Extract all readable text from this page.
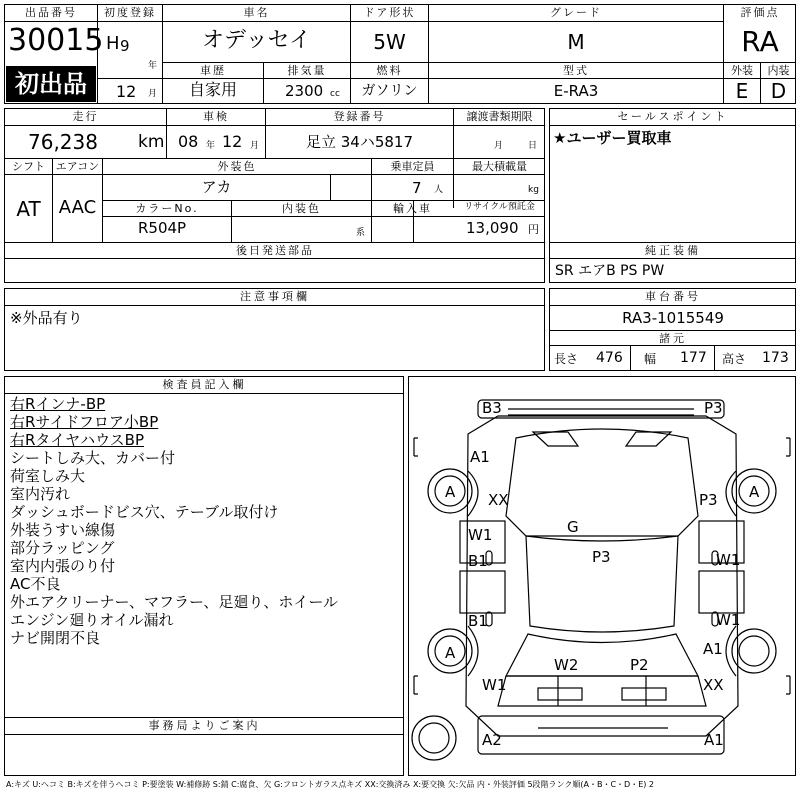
出品番号
30015
初出品
初度登録
H 9
年
12 月
車名
オデッセイ
ドア形状
5W
グレード
M
評価点
RA
外装	内装
E	D
車歴
自家用
排気量
2300 cc
燃料
ガソリン
型式
E-RA3
走行
76,238 km
車検
08 年 12 月
登録番号
足立 34ハ5817
譲渡書類期限
月	日
シフト
AT
エアコン
AAC
外装色
アカ
乗車定員
7 人
最大積載量
kg
カラーNo.
R504P
内装色
系
輸入車	リサイクル預託金
13,090 円
後日発送部品
セールスポイント
★ユーザー買取車
純正装備
SR エアB PS PW
注意事項欄
※外品有り
車台番号
RA3-1015549
諸元
長さ 476 幅 177 高さ 173
検査員記入欄
右Rインナ-BP
右Rサイドフロア小BP
右RタイヤハウスBP
シートしみ大、カバー付
荷室しみ大
室内汚れ
ダッシュボードビス穴、テーブル取付け
外装うすい線傷
部分ラッピング
室内内張のり付
AC不良
外エアクリーナー、マフラー、足廻り、ホイール
エンジン廻りオイル漏れ
ナビ開閉不良
事務局よりご案内
B3	P3
A1
A XX	P3 A
W1	G
B1	P3	W1
B1	W1
A	A1
W2	P2
W1	XX
A2	A1
A:キズ U:ヘコミ B:キズを伴うヘコミ P:要塗装 W:補修跡 S:錆 C:腐食、欠 G:フロントガラス点キズ XX:交換済み X:要交換 欠:欠品 内・外装評価 5段階ランク順(A・B・C・D・E) 2
